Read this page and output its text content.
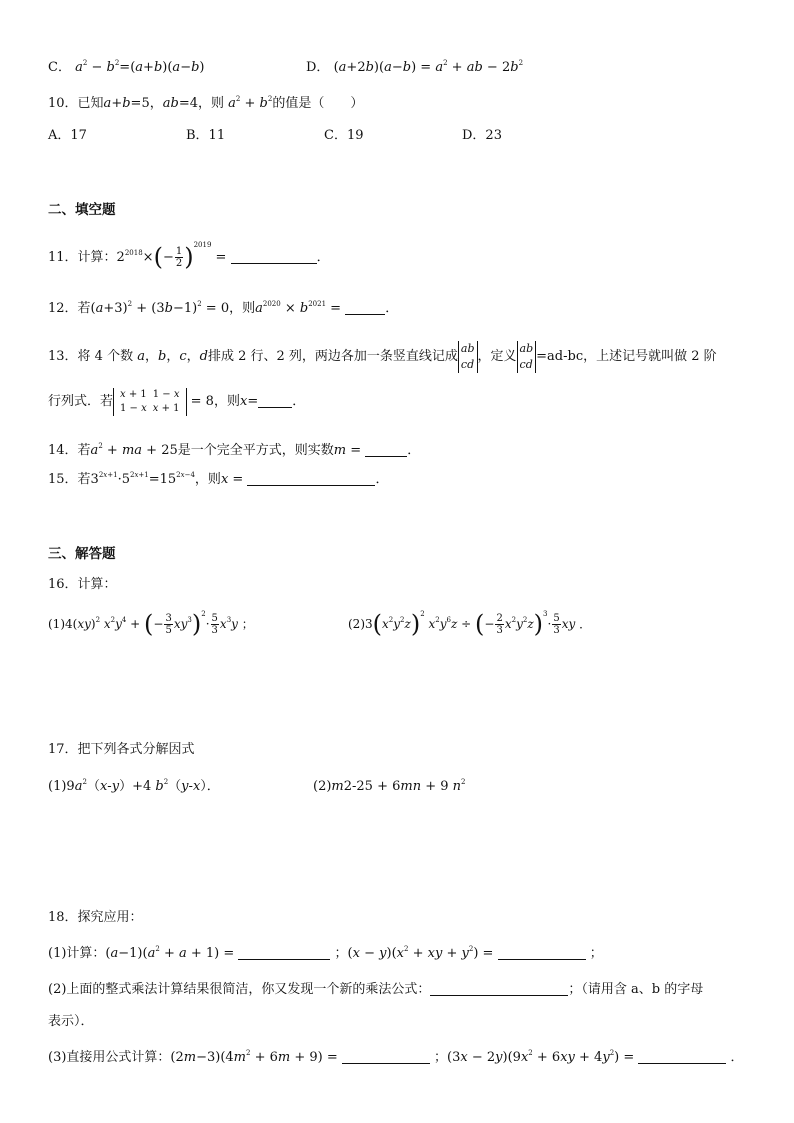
C． $a^2 - b^2=(a+b)(a-b)$	D． $(a+2b)(a-b) = a^2$ + ab − $2b^2$
10．已知a+b=5，ab=4，则 $a^2 + b^2$的值是（　　）
A．17	B．11	C．19	D．23
二、填空题
11．计算：$2^{2018}\times(- \frac{1}{2} )^{2019}$ =	．
12．若$(a+3)^2 + (3b-1)^2 = 0$，则$a^{2020} \times b^{2021}$ =	．
13．将 4 个数 a，b，c，d排成 2 行、2 列，两边各加一条竖直线记成
ab
cd ，定义
ab
cd =ad-bc，上述记号就叫做 2 阶
行列式．若 x + 1	1 − x
1 − x	x + 1 = 8，则x=	．
14．若$a^2$ + ma + 25是一个完全平方式，则实数m =	．
15．若$3^{2x+1}\cdot 5^{2x+1}=15^{2x-4}$，则x =	．
三、解答题
16．计算：
(1)4(xy)$^2$ $x^2y^4$ + (− $\frac{3}{5} xy^3)^2\cdot \frac{5}{3} x^3y$ ；	$(2)3(x^2y^2z)^2$ $x^2y^6z$ ÷ (− $\frac{2}{3} x^2y^2z)^3\cdot \frac{5}{3}$ xy ．
17．把下列各式分解因式
$(1)9a^2(x-y)+4$ $b^2(y-x)$．	(2)m2-25 + 6mn + 9 $n^2$
18．探究应用：
(1)计算：$(a-1)(a^2 + a + 1)$ =	；$(x - y)(x^2$ + xy + $y^2$) =	；
(2)上面的整式乘法计算结果很简洁，你又发现一个新的乘法公式：	；（请用含 a、b 的字母
表示）．
(3)直接用公式计算：$(2m-3)(4m^2 + 6m + 9)$ =	；$(3x - 2y)(9x^2 + 6xy + 4y^2)$ =	．
